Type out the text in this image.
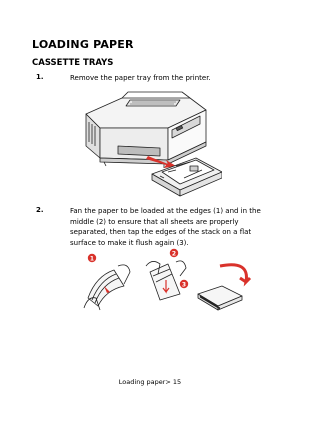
LOADING PAPER
CASSETTE TRAYS
1.	Remove the paper tray from the printer.

2.	Fan the paper to be loaded at the edges (1) and in the middle (2) to ensure that all sheets are properly separated, then tap the edges of the stack on a flat surface to make it flush again (3).

1
2
3
Loading paper> 15
